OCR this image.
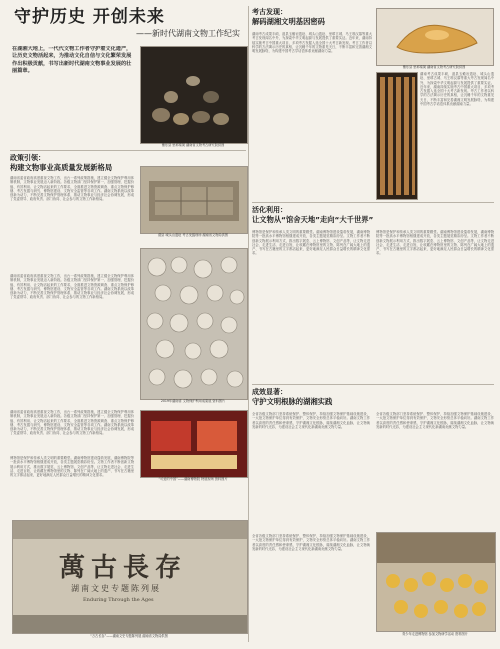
守护历史 开创未来
——新时代湖南文物工作纪实
在湖湘大地上，一代代文物工作者守护着文化遗产，让历史文物活起来，为推动文化自信与文化繁荣发展作出积极贡献，书写出新时代湖南文物事业发展的壮丽篇章。
衡东县 里耶秦简 湖南省文物考古研究院供图
政策引领：
构建文物事业高质量发展新格局
湖南省委省政府高度重视文物工作，出台一系列政策措施，建立健全文物保护利用体制机制，文物事业发展迈入新阶段。各级文物部门坚持保护第一、加强管理、挖掘价值、有效利用、让文物活起来的工作要求，全面推进文物资源调查、重点文物保护修缮、考古发掘与研究、博物馆建设、文物安全监管等各项工作。湖南文物系统以改革创新为动力，不断完善文物保护管理体系，推动文物事业与经济社会协调发展，形成了党委领导、政府负责、部门协同、社会参与的文物工作新格局。
湖南省委省政府高度重视文物工作，出台一系列政策措施，建立健全文物保护利用体制机制，文物事业发展迈入新阶段。各级文物部门坚持保护第一、加强管理、挖掘价值、有效利用、让文物活起来的工作要求，全面推进文物资源调查、重点文物保护修缮、考古发掘与研究、博物馆建设、文物安全监管等各项工作。湖南文物系统以改革创新为动力，不断完善文物保护管理体系，推动文物事业与经济社会协调发展，形成了党委领导、政府负责、部门协同、社会参与的文物工作新格局。
澧县 城头山遗址 考古发掘现场 湖南省文物局供图
2019年湖南省 文物保护利用成果展 资料图片
考古发现：
解码湖湘文明基因密码
湖南考古成果丰硕，道县玉蟾岩遗址、城头山遗址、里耶古城、马王堆汉墓等重大考古发现闻名中外，为探索中华文明起源与发展提供了重要实证。近年来，湖南持续实施考古中国重大项目，多项考古发掘入选全国十大考古新发现。考古工作者以科学的方法揭示历史的真相，让沉睡千年的文物重见天日，不断丰富和完善湖湘文明发展脉络，为构建中国考古学话语体系贡献湖南力量。
衡东县 里耶秦简 湖南省文物考古研究院供图
湖南考古成果丰硕，道县玉蟾岩遗址、城头山遗址、里耶古城、马王堆汉墓等重大考古发现闻名中外，为探索中华文明起源与发展提供了重要实证。近年来，湖南持续实施考古中国重大项目，多项考古发掘入选全国十大考古新发现。考古工作者以科学的方法揭示历史的真相，让沉睡千年的文物重见天日，不断丰富和完善湖湘文明发展脉络，为构建中国考古学话语体系贡献湖南力量。
活化利用：
让文物从“馆舍天地”走向“大千世界”
博物馆是保护和传承人类文明的重要殿堂。湖南博物馆建设蓬勃发展，湖南博物院等一批高水平博物馆相继建成开放，各类主题展览精彩纷呈。文物工作者不断创新文物展示利用方式，推出数字展览、云上博物馆、文创产品等，让文物走进社会、走进生活、走进百姓，让收藏在博物馆里的文物、陈列在广阔大地上的遗产、书写在古籍里的文字都活起来，更好地满足人民群众日益增长的精神文化需求。
博物馆是保护和传承人类文明的重要殿堂。湖南博物馆建设蓬勃发展，湖南博物院等一批高水平博物馆相继建成开放，各类主题展览精彩纷呈。文物工作者不断创新文物展示利用方式，推出数字展览、云上博物馆、文创产品等，让文物走进社会、走进生活、走进百姓，让收藏在博物馆里的文物、陈列在广阔大地上的遗产、书写在古籍里的文字都活起来，更好地满足人民群众日益增长的精神文化需求。
成效显著：
守护文明根脉的湖湘实践
全省各级文物部门坚持系统保护、整体保护，持续加强文物保护基础设施建设，一大批文物保护单位得到有效保护，文物安全形势总体平稳向好。湖南文物工作者以高度的责任感和使命感，守护湖湘文化根脉，赓续湖湘文化血脉，让文物焕发新的时代光彩，为建设社会主义现代化新湖南贡献文物力量。
全省各级文物部门坚持系统保护、整体保护，持续加强文物保护基础设施建设，一大批文物保护单位得到有效保护，文物安全形势总体平稳向好。湖南文物工作者以高度的责任感和使命感，守护湖湘文化根脉，赓续湖湘文化血脉，让文物焕发新的时代光彩，为建设社会主义现代化新湖南贡献文物力量。
湖南省委省政府高度重视文物工作，出台一系列政策措施，建立健全文物保护利用体制机制，文物事业发展迈入新阶段。各级文物部门坚持保护第一、加强管理、挖掘价值、有效利用、让文物活起来的工作要求，全面推进文物资源调查、重点文物保护修缮、考古发掘与研究、博物馆建设、文物安全监管等各项工作。湖南文物系统以改革创新为动力，不断完善文物保护管理体系，推动文物事业与经济社会协调发展，形成了党委领导、政府负责、部门协同、社会参与的文物工作新格局。
“可爱的中国”——湖南博物院 特展现场 资料图片
博物馆是保护和传承人类文明的重要殿堂。湖南博物馆建设蓬勃发展，湖南博物院等一批高水平博物馆相继建成开放，各类主题展览精彩纷呈。文物工作者不断创新文物展示利用方式，推出数字展览、云上博物馆、文创产品等，让文物走进社会、走进生活、走进百姓，让收藏在博物馆里的文物、陈列在广阔大地上的遗产、书写在古籍里的文字都活起来，更好地满足人民群众日益增长的精神文化需求。
萬古長存
湖南文史专题陈列展
Enduring Through the Ages
“万古长存”——湖南文史专题陈列展 湖南省文物局供图	青少年走进博物馆 参加文物研学活动 资料图片
全省各级文物部门坚持系统保护、整体保护，持续加强文物保护基础设施建设，一大批文物保护单位得到有效保护，文物安全形势总体平稳向好。湖南文物工作者以高度的责任感和使命感，守护湖湘文化根脉，赓续湖湘文化血脉，让文物焕发新的时代光彩，为建设社会主义现代化新湖南贡献文物力量。
